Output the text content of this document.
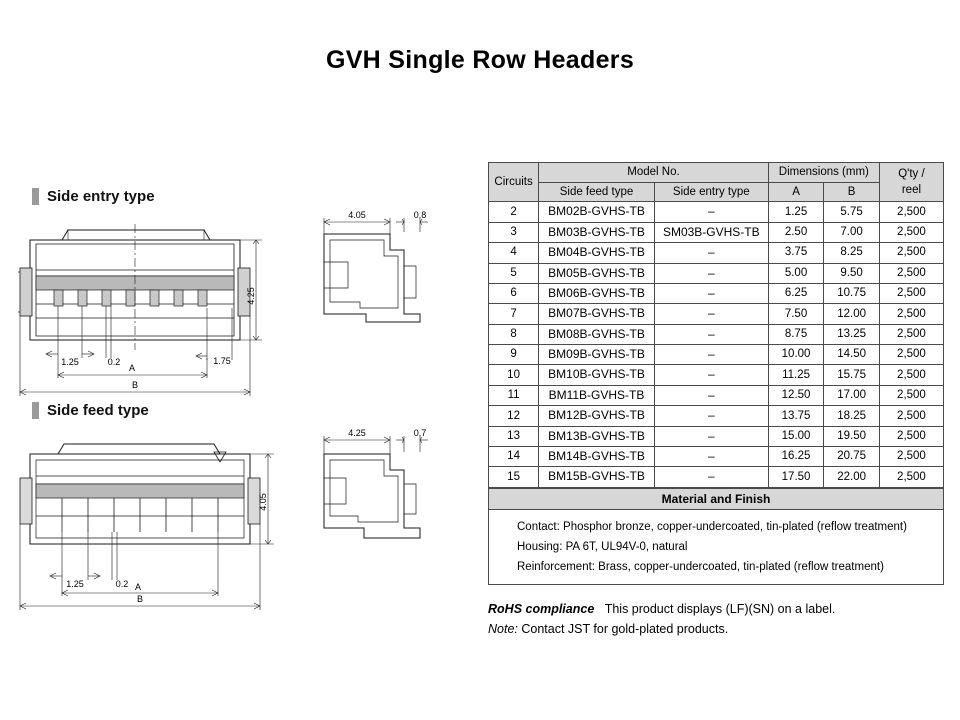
GVH Single Row Headers
Side entry type
4.25
1.25	0.2	1.75
A
B
4.05	0.8
Side feed type
4.05
1.25	0.2 A
B
4.25	0.7
Circuits	Model No.		Dimensions (mm)		Q'ty /
reel
	Side feed type	Side entry type	A	B	
2	BM02B-GVHS-TB	–	1.25	5.75	2,500
3	BM03B-GVHS-TB	SM03B-GVHS-TB	2.50	7.00	2,500
4	BM04B-GVHS-TB	–	3.75	8.25	2,500
5	BM05B-GVHS-TB	–	5.00	9.50	2,500
6	BM06B-GVHS-TB	–	6.25	10.75	2,500
7	BM07B-GVHS-TB	–	7.50	12.00	2,500
8	BM08B-GVHS-TB	–	8.75	13.25	2,500
9	BM09B-GVHS-TB	–	10.00	14.50	2,500
10	BM10B-GVHS-TB	–	11.25	15.75	2,500
11	BM11B-GVHS-TB	–	12.50	17.00	2,500
12	BM12B-GVHS-TB	–	13.75	18.25	2,500
13	BM13B-GVHS-TB	–	15.00	19.50	2,500
14	BM14B-GVHS-TB	–	16.25	20.75	2,500
15	BM15B-GVHS-TB	–	17.50	22.00	2,500
Material and Finish
Contact: Phosphor bronze, copper-undercoated, tin-plated (reflow treatment)
Housing: PA 6T, UL94V-0, natural
Reinforcement: Brass, copper-undercoated, tin-plated (reflow treatment)
RoHS compliance This product displays (LF)(SN) on a label.
Note: Contact JST for gold-plated products.
